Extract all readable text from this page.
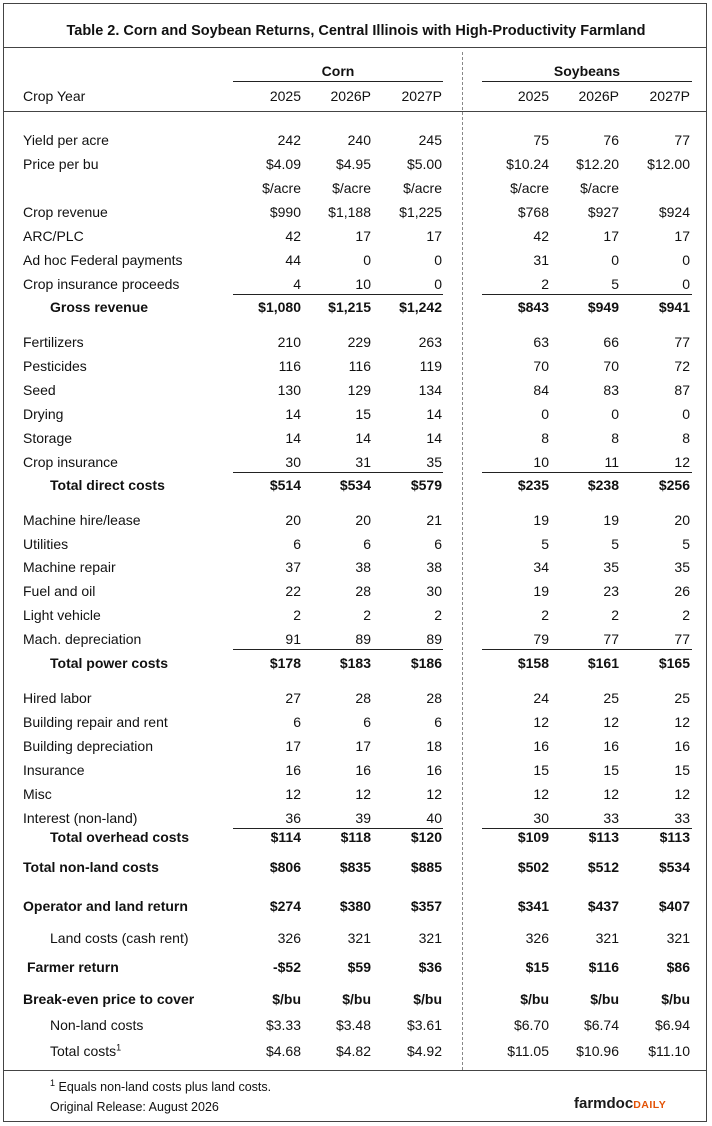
Table 2. Corn and Soybean Returns, Central Illinois with High-Productivity Farmland
Corn	Soybeans
Crop Year	2025 2026P 2027P	2025 2026P 2027P
Yield per acre	242	240	245	75	76	77
Price per bu	$4.09 $4.95	$5.00	$10.24 $12.20 $12.00
$/acre $/acre $/acre	$/acre $/acre
Crop revenue	$990 $1,188 $1,225	$768	$927	$924
ARC/PLC	42	17	17	42	17	17
Ad hoc Federal payments	44	0	0	31	0	0
Crop insurance proceeds	4	10	0	2	5	0
Gross revenue	$1,080 $1,215 $1,242	$843	$949	$941
Fertilizers	210	229	263	63	66	77
Pesticides	116	116	119	70	70	72
Seed	130	129	134	84	83	87
Drying	14	15	14	0	0	0
Storage	14	14	14	8	8	8
Crop insurance	30	31	35	10	11	12
Total direct costs	$514	$534	$579	$235	$238	$256
Machine hire/lease	20	20	21	19	19	20
Utilities	6	6	6	5	5	5
Machine repair	37	38	38	34	35	35
Fuel and oil	22	28	30	19	23	26
Light vehicle	2	2	2	2	2	2
Mach. depreciation	91	89	89	79	77	77
Total power costs	$178	$183	$186	$158	$161	$165
Hired labor	27	28	28	24	25	25
Building repair and rent	6	6	6	12	12	12
Building depreciation	17	17	18	16	16	16
Insurance	16	16	16	15	15	15
Misc	12	12	12	12	12	12
Interest (non-land)	36	39	40	30	33	33
Total overhead costs	$114	$118	$120	$109	$113	$113
Total non-land costs	$806	$835	$885	$502	$512	$534
Operator and land return	$274	$380	$357	$341	$437	$407
Land costs (cash rent)	326	321	321	326	321	321
Farmer return	-$52	$59	$36	$15	$116	$86
Break-even price to cover	$/bu	$/bu	$/bu	$/bu	$/bu	$/bu
Non-land costs	$3.33 $3.48	$3.61	$6.70 $6.74	$6.94
Total costs$^1$	$4.68 $4.82	$4.92	$11.05 $10.96 $11.10
$^1$ Equals non-land costs plus land costs.
Original Release: August 2026	farmdocDAILY
